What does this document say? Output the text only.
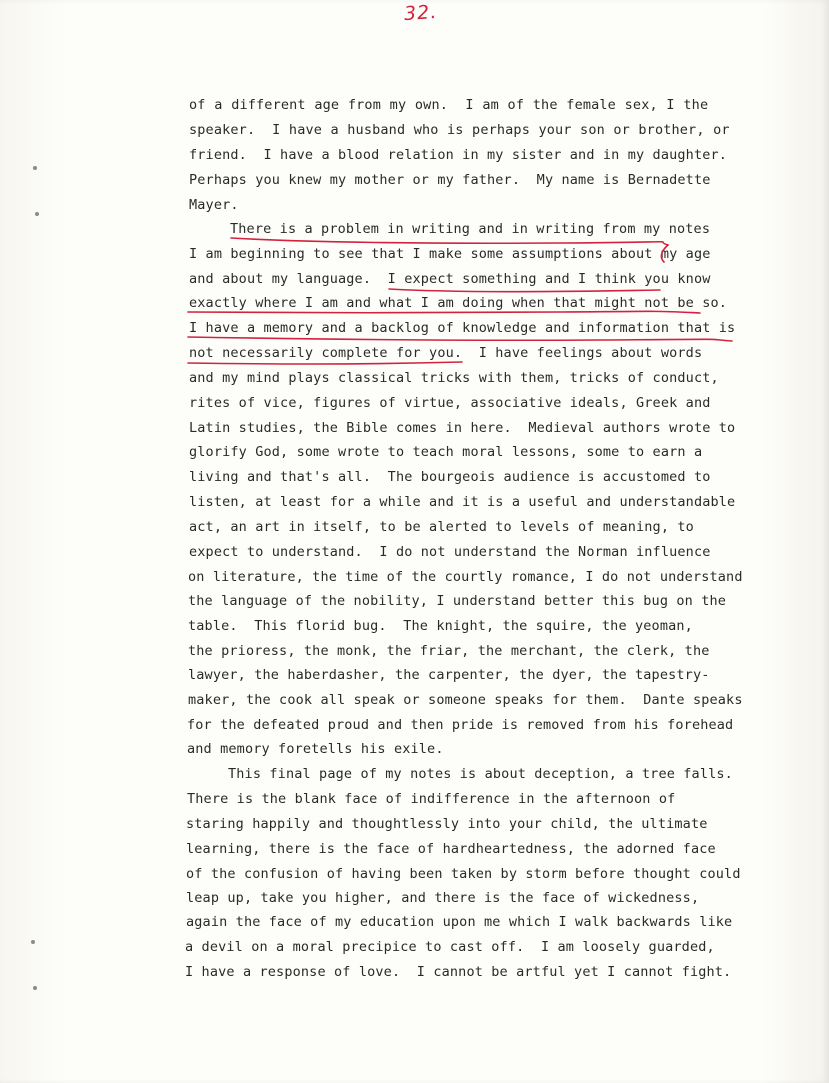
32.
of a different age from my own.  I am of the female sex, I the
speaker.  I have a husband who is perhaps your son or brother, or
friend.  I have a blood relation in my sister and in my daughter.
Perhaps you knew my mother or my father.  My name is Bernadette
Mayer.
There is a problem in writing and in writing from my notes
I am beginning to see that I make some assumptions about my age
and about my language.  I expect something and I think you know
exactly where I am and what I am doing when that might not be so.
I have a memory and a backlog of knowledge and information that is
not necessarily complete for you.  I have feelings about words
and my mind plays classical tricks with them, tricks of conduct,
rites of vice, figures of virtue, associative ideals, Greek and
Latin studies, the Bible comes in here.  Medieval authors wrote to
glorify God, some wrote to teach moral lessons, some to earn a
living and that's all.  The bourgeois audience is accustomed to
listen, at least for a while and it is a useful and understandable
act, an art in itself, to be alerted to levels of meaning, to
expect to understand.  I do not understand the Norman influence
on literature, the time of the courtly romance, I do not understand
the language of the nobility, I understand better this bug on the
table.  This florid bug.  The knight, the squire, the yeoman,
the prioress, the monk, the friar, the merchant, the clerk, the
lawyer, the haberdasher, the carpenter, the dyer, the tapestry-
maker, the cook all speak or someone speaks for them.  Dante speaks
for the defeated proud and then pride is removed from his forehead
and memory foretells his exile.
This final page of my notes is about deception, a tree falls.
There is the blank face of indifference in the afternoon of
staring happily and thoughtlessly into your child, the ultimate
learning, there is the face of hardheartedness, the adorned face
of the confusion of having been taken by storm before thought could
leap up, take you higher, and there is the face of wickedness,
again the face of my education upon me which I walk backwards like
a devil on a moral precipice to cast off.  I am loosely guarded,
I have a response of love.  I cannot be artful yet I cannot fight.
